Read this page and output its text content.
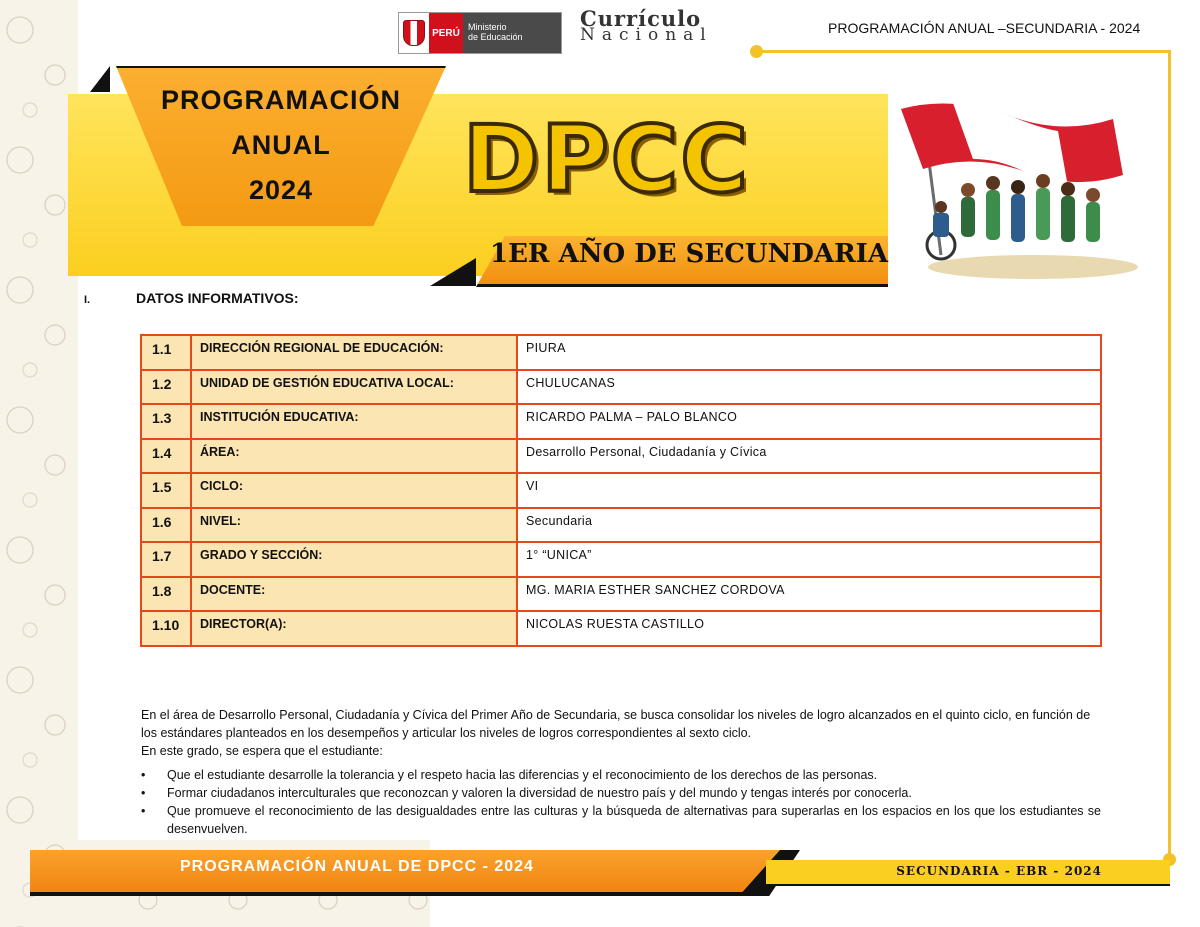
PERÚ
Ministerio
de Educación
Currículo
Nacional	PROGRAMACIÓN ANUAL –SECUNDARIA - 2024
PROGRAMACIÓN
ANUAL
2024	DPCC
1ER AÑO DE SECUNDARIA
I.	DATOS INFORMATIVOS:
1.1	DIRECCIÓN REGIONAL DE EDUCACIÓN:	PIURA
1.2	UNIDAD DE GESTIÓN EDUCATIVA LOCAL:	CHULUCANAS
1.3	INSTITUCIÓN EDUCATIVA:	RICARDO PALMA – PALO BLANCO
1.4	ÁREA:	Desarrollo Personal, Ciudadanía y Cívica
1.5	CICLO:	VI
1.6	NIVEL:	Secundaria
1.7	GRADO Y SECCIÓN:	1° “UNICA”
1.8	DOCENTE:	MG. MARIA ESTHER SANCHEZ CORDOVA
1.10	DIRECTOR(A):	NICOLAS RUESTA CASTILLO

En el área de Desarrollo Personal, Ciudadanía y Cívica del Primer Año de Secundaria, se busca consolidar los niveles de logro alcanzados en el quinto ciclo, en función de los estándares planteados en los desempeños y articular los niveles de logros correspondientes al sexto ciclo.

En este grado, se espera que el estudiante:

• Que el estudiante desarrolle la tolerancia y el respeto hacia las diferencias y el reconocimiento de los derechos de las personas.
• Formar ciudadanos interculturales que reconozcan y valoren la diversidad de nuestro país y del mundo y tengas interés por conocerla.
• Que promueve el reconocimiento de las desigualdades entre las culturas y la búsqueda de alternativas para superarlas en los espacios en los que los estudiantes se desenvuelven.
PROGRAMACIÓN ANUAL DE DPCC - 2024	SECUNDARIA - EBR - 2024
